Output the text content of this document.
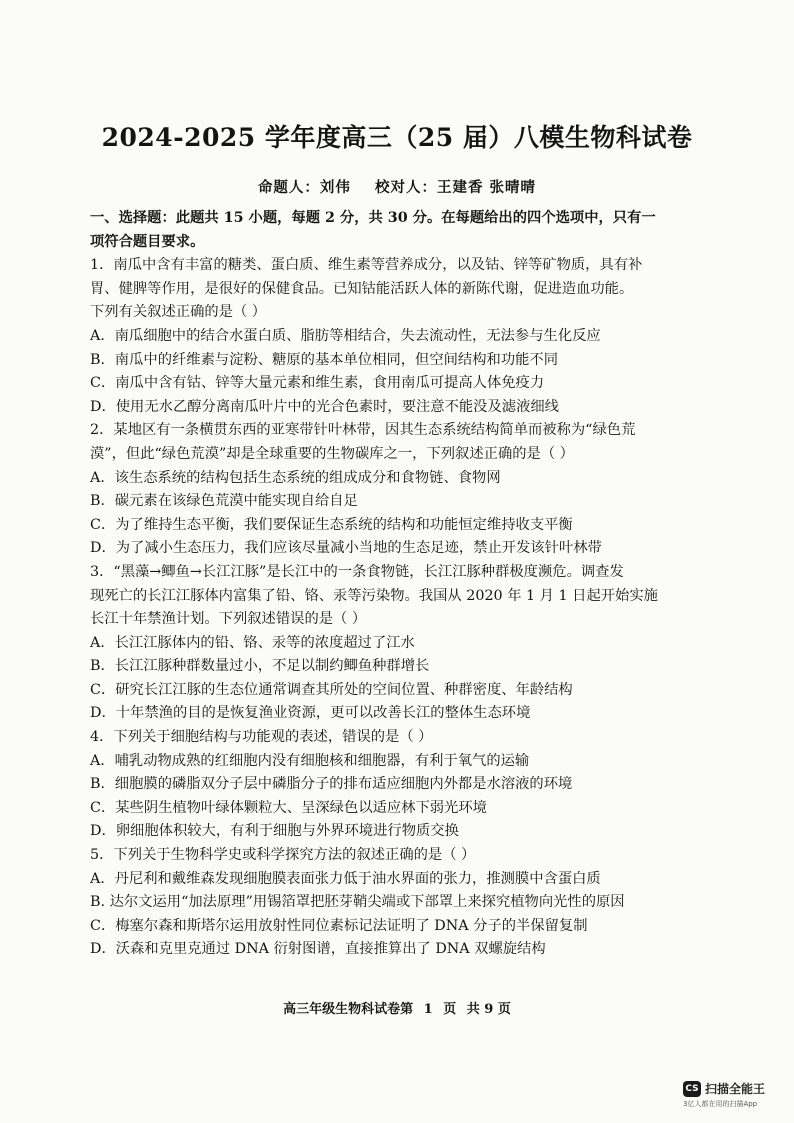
2024-2025 学年度高三（25 届）八模生物科试卷
命题人：刘伟 校对人：王建香 张晴晴
一、选择题：此题共 15 小题，每题 2 分，共 30 分。在每题给出的四个选项中，只有一
项符合题目要求。
1．南瓜中含有丰富的糖类、蛋白质、维生素等营养成分，以及钴、锌等矿物质，具有补
胃、健脾等作用，是很好的保健食品。已知钴能活跃人体的新陈代谢，促进造血功能。
下列有关叙述正确的是（ ）
A．南瓜细胞中的结合水蛋白质、脂肪等相结合，失去流动性，无法参与生化反应
B．南瓜中的纤维素与淀粉、糖原的基本单位相同，但空间结构和功能不同
C．南瓜中含有钴、锌等大量元素和维生素，食用南瓜可提高人体免疫力
D．使用无水乙醇分离南瓜叶片中的光合色素时，要注意不能没及滤液细线
2．某地区有一条横贯东西的亚寒带针叶林带，因其生态系统结构简单而被称为“绿色荒
漠”，但此“绿色荒漠”却是全球重要的生物碳库之一，下列叙述正确的是（ ）
A．该生态系统的结构包括生态系统的组成成分和食物链、食物网
B．碳元素在该绿色荒漠中能实现自给自足
C．为了维持生态平衡，我们要保证生态系统的结构和功能恒定维持收支平衡
D．为了减小生态压力，我们应该尽量减小当地的生态足迹，禁止开发该针叶林带
3．“黑藻→鲫鱼→长江江豚”是长江中的一条食物链，长江江豚种群极度濒危。调查发
现死亡的长江江豚体内富集了铅、铬、汞等污染物。我国从 2020 年 1 月 1 日起开始实施
长江十年禁渔计划。下列叙述错误的是（ ）
A．长江江豚体内的铅、铬、汞等的浓度超过了江水
B．长江江豚种群数量过小，不足以制约鲫鱼种群增长
C．研究长江江豚的生态位通常调查其所处的空间位置、种群密度、年龄结构
D．十年禁渔的目的是恢复渔业资源，更可以改善长江的整体生态环境
4．下列关于细胞结构与功能观的表述，错误的是（ ）
A．哺乳动物成熟的红细胞内没有细胞核和细胞器，有利于氧气的运输
B．细胞膜的磷脂双分子层中磷脂分子的排布适应细胞内外都是水溶液的环境
C．某些阴生植物叶绿体颗粒大、呈深绿色以适应林下弱光环境
D．卵细胞体积较大，有利于细胞与外界环境进行物质交换
5．下列关于生物科学史或科学探究方法的叙述正确的是（ ）
A．丹尼利和戴维森发现细胞膜表面张力低于油水界面的张力，推测膜中含蛋白质
B. 达尔文运用“加法原理”用锡箔罩把胚芽鞘尖端或下部罩上来探究植物向光性的原因
C．梅塞尔森和斯塔尔运用放射性同位素标记法证明了 DNA 分子的半保留复制
D．沃森和克里克通过 DNA 衍射图谱，直接推算出了 DNA 双螺旋结构
高三年级生物科试卷第 1 页 共 9 页
CS 扫描全能王
3亿人都在用的扫描App
